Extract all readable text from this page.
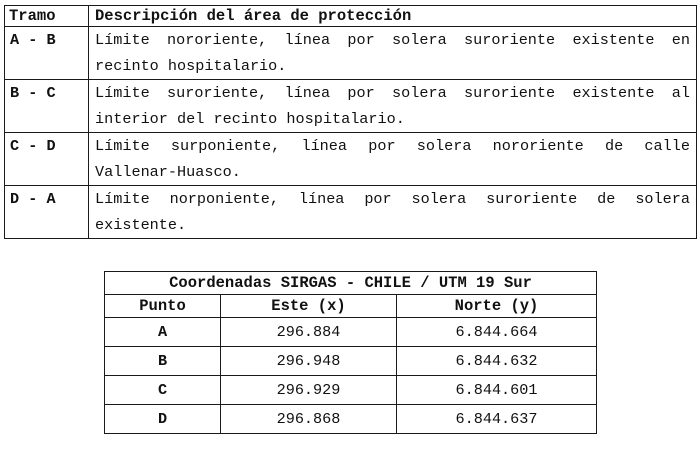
Tramo	Descripción del área de protección
A - B	Límite nororiente, línea por solera suroriente existente en recinto hospitalario.
B - C	Límite suroriente, línea por solera suroriente existente al interior del recinto hospitalario.
C - D	Límite surponiente, línea por solera nororiente de calle Vallenar-Huasco.
D - A	Límite norponiente, línea por solera suroriente de solera existente.
Coordenadas SIRGAS - CHILE / UTM 19 Sur		
Punto	Este (x)	Norte (y)
A	296.884	6.844.664
B	296.948	6.844.632
C	296.929	6.844.601
D	296.868	6.844.637
